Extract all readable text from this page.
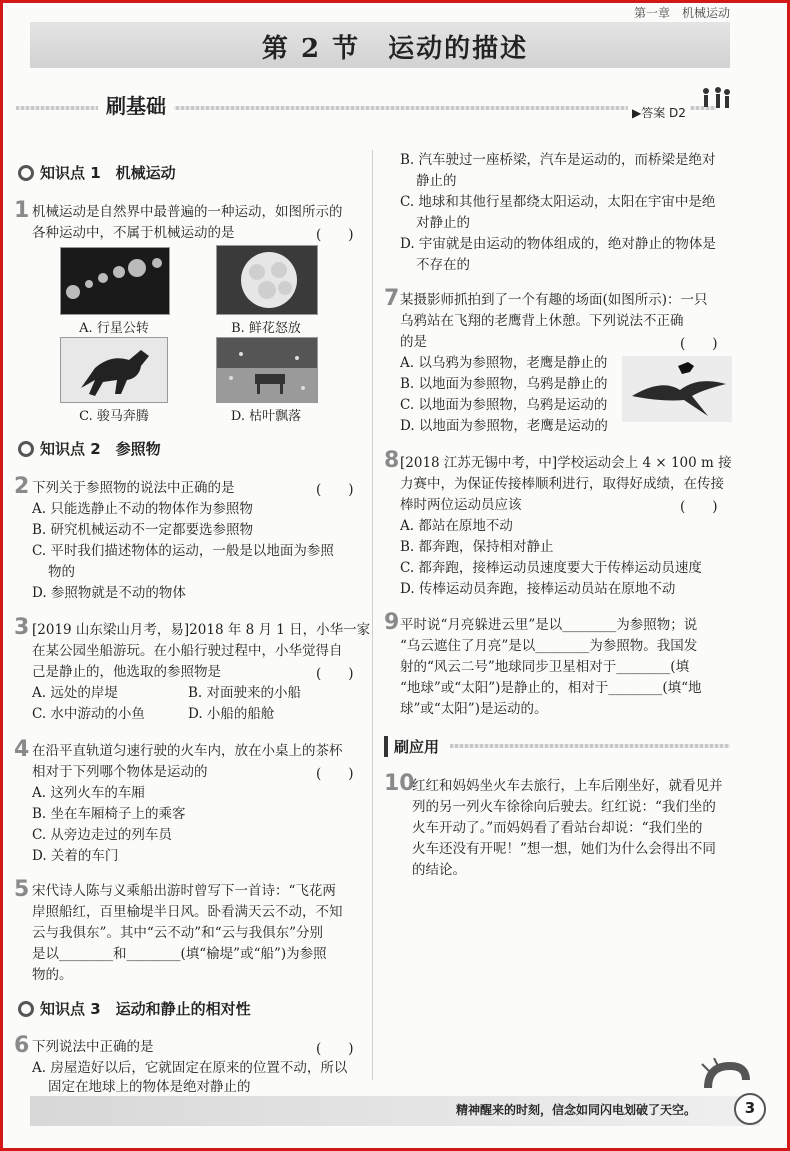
第一章　机械运动
第 2 节　运动的描述
刷基础	▶答案 D2
知识点 1　机械运动
1 机械运动是自然界中最普遍的一种运动，如图所示的
各种运动中，不属于机械运动的是	(　　)
A. 行星公转	B. 鲜花怒放
C. 骏马奔腾	D. 枯叶飘落
知识点 2　参照物
2 下列关于参照物的说法中正确的是	(　　)
A. 只能选静止不动的物体作为参照物
B. 研究机械运动不一定都要选参照物
C. 平时我们描述物体的运动，一般是以地面为参照
物的
D. 参照物就是不动的物体
3 [2019 山东梁山月考，易]2018 年 8 月 1 日，小华一家
在某公园坐船游玩。在小船行驶过程中，小华觉得自
己是静止的，他选取的参照物是	(　　)
A. 远处的岸堤	B. 对面驶来的小船
C. 水中游动的小鱼	D. 小船的船舱
4 在沿平直轨道匀速行驶的火车内，放在小桌上的茶杯
相对于下列哪个物体是运动的	(　　)
A. 这列火车的车厢
B. 坐在车厢椅子上的乘客
C. 从旁边走过的列车员
D. 关着的车门
5 宋代诗人陈与义乘船出游时曾写下一首诗：“飞花两
岸照船红，百里榆堤半日风。卧看满天云不动，不知
云与我俱东”。其中“云不动”和“云与我俱东”分别
是以________和________(填“榆堤”或“船”)为参照
物的。
知识点 3　运动和静止的相对性
6 下列说法中正确的是	(　　)
A. 房屋造好以后，它就固定在原来的位置不动，所以
固定在地球上的物体是绝对静止的
B. 汽车驶过一座桥梁，汽车是运动的，而桥梁是绝对
静止的
C. 地球和其他行星都绕太阳运动，太阳在宇宙中是绝
对静止的
D. 宇宙就是由运动的物体组成的，绝对静止的物体是
不存在的
7 某摄影师抓拍到了一个有趣的场面(如图所示)：一只
乌鸦站在飞翔的老鹰背上休憩。下列说法不正确
的是	(　　)
A. 以乌鸦为参照物，老鹰是静止的
B. 以地面为参照物，乌鸦是静止的
C. 以地面为参照物，乌鸦是运动的
D. 以地面为参照物，老鹰是运动的
8 [2018 江苏无锡中考，中]学校运动会上 4 × 100 m 接
力赛中，为保证传接棒顺利进行，取得好成绩，在传接
棒时两位运动员应该	(　　)
A. 都站在原地不动
B. 都奔跑，保持相对静止
C. 都奔跑，接棒运动员速度要大于传棒运动员速度
D. 传棒运动员奔跑，接棒运动员站在原地不动
9 平时说“月亮躲进云里”是以________为参照物；说
“乌云遮住了月亮”是以________为参照物。我国发
射的“风云二号”地球同步卫星相对于________(填
“地球”或“太阳”)是静止的，相对于________(填“地
球”或“太阳”)是运动的。
刷应用
10
红红和妈妈坐火车去旅行，上车后刚坐好，就看见并
列的另一列火车徐徐向后驶去。红红说：“我们坐的
火车开动了。”而妈妈看了看站台却说：“我们坐的
火车还没有开呢！”想一想，她们为什么会得出不同
的结论。
精神醒来的时刻，信念如同闪电划破了天空。	3
